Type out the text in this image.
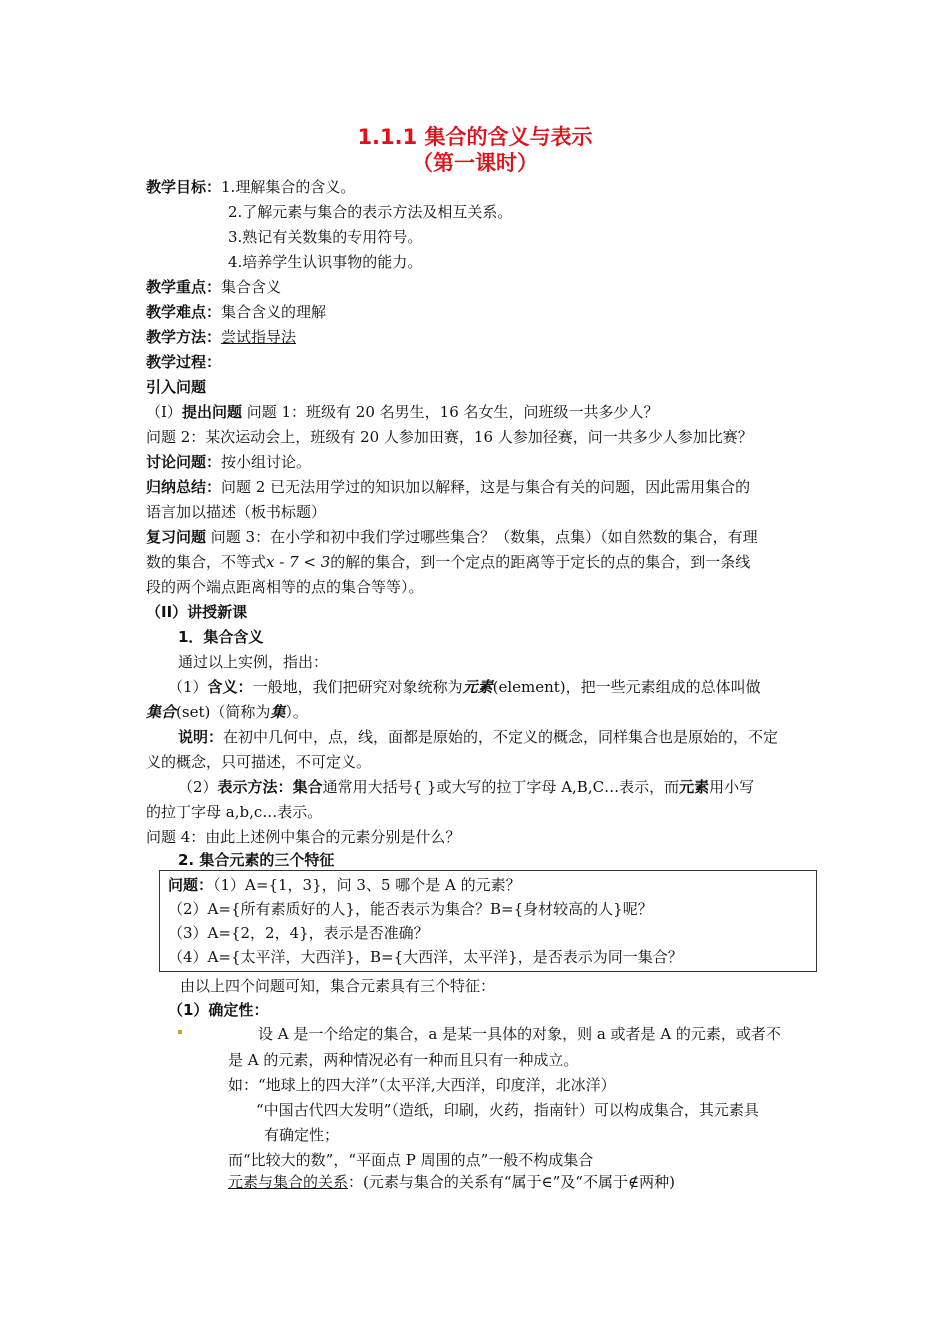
1.1.1 集合的含义与表示
（第一课时）
教学目标：1.理解集合的含义。
2.了解元素与集合的表示方法及相互关系。
3.熟记有关数集的专用符号。
4.培养学生认识事物的能力。
教学重点：集合含义
教学难点：集合含义的理解
教学方法：尝试指导法
教学过程：
引入问题
（I）提出问题 问题 1：班级有 20 名男生，16 名女生，问班级一共多少人？
问题 2：某次运动会上，班级有 20 人参加田赛，16 人参加径赛，问一共多少人参加比赛？
讨论问题：按小组讨论。
归纳总结：问题 2 已无法用学过的知识加以解释，这是与集合有关的问题，因此需用集合的
语言加以描述（板书标题）
复习问题 问题 3：在小学和初中我们学过哪些集合？（数集，点集）（如自然数的集合，有理
数的集合，不等式x - 7 < 3的解的集合，到一个定点的距离等于定长的点的集合，到一条线
段的两个端点距离相等的点的集合等等）。
（II）讲授新课
1．集合含义
通过以上实例，指出：
（1）含义：一般地，我们把研究对象统称为元素(element)，把一些元素组成的总体叫做
集合(set)（简称为集）。
说明：在初中几何中，点，线，面都是原始的，不定义的概念，同样集合也是原始的，不定
义的概念，只可描述，不可定义。
（2）表示方法：集合通常用大括号{ }或大写的拉丁字母 A,B,C…表示，而元素用小写
的拉丁字母 a,b,c…表示。
问题 4：由此上述例中集合的元素分别是什么？
2. 集合元素的三个特征
问题：（1）A={1，3}，问 3、5 哪个是 A 的元素？
（2）A={所有素质好的人}，能否表示为集合？B={身材较高的人}呢？
（3）A={2，2，4}，表示是否准确？
（4）A={太平洋，大西洋}，B={大西洋，太平洋}，是否表示为同一集合？
由以上四个问题可知，集合元素具有三个特征：
（1）确定性：
设 A 是一个给定的集合，a 是某一具体的对象，则 a 或者是 A 的元素，或者不
是 A 的元素，两种情况必有一种而且只有一种成立。
如：“地球上的四大洋”（太平洋,大西洋，印度洋，北冰洋）
“中国古代四大发明”（造纸，印刷，火药，指南针）可以构成集合，其元素具
有确定性；
而“比较大的数”，“平面点 P 周围的点”一般不构成集合
元素与集合的关系：(元素与集合的关系有“属于∈”及“不属于∉两种)
